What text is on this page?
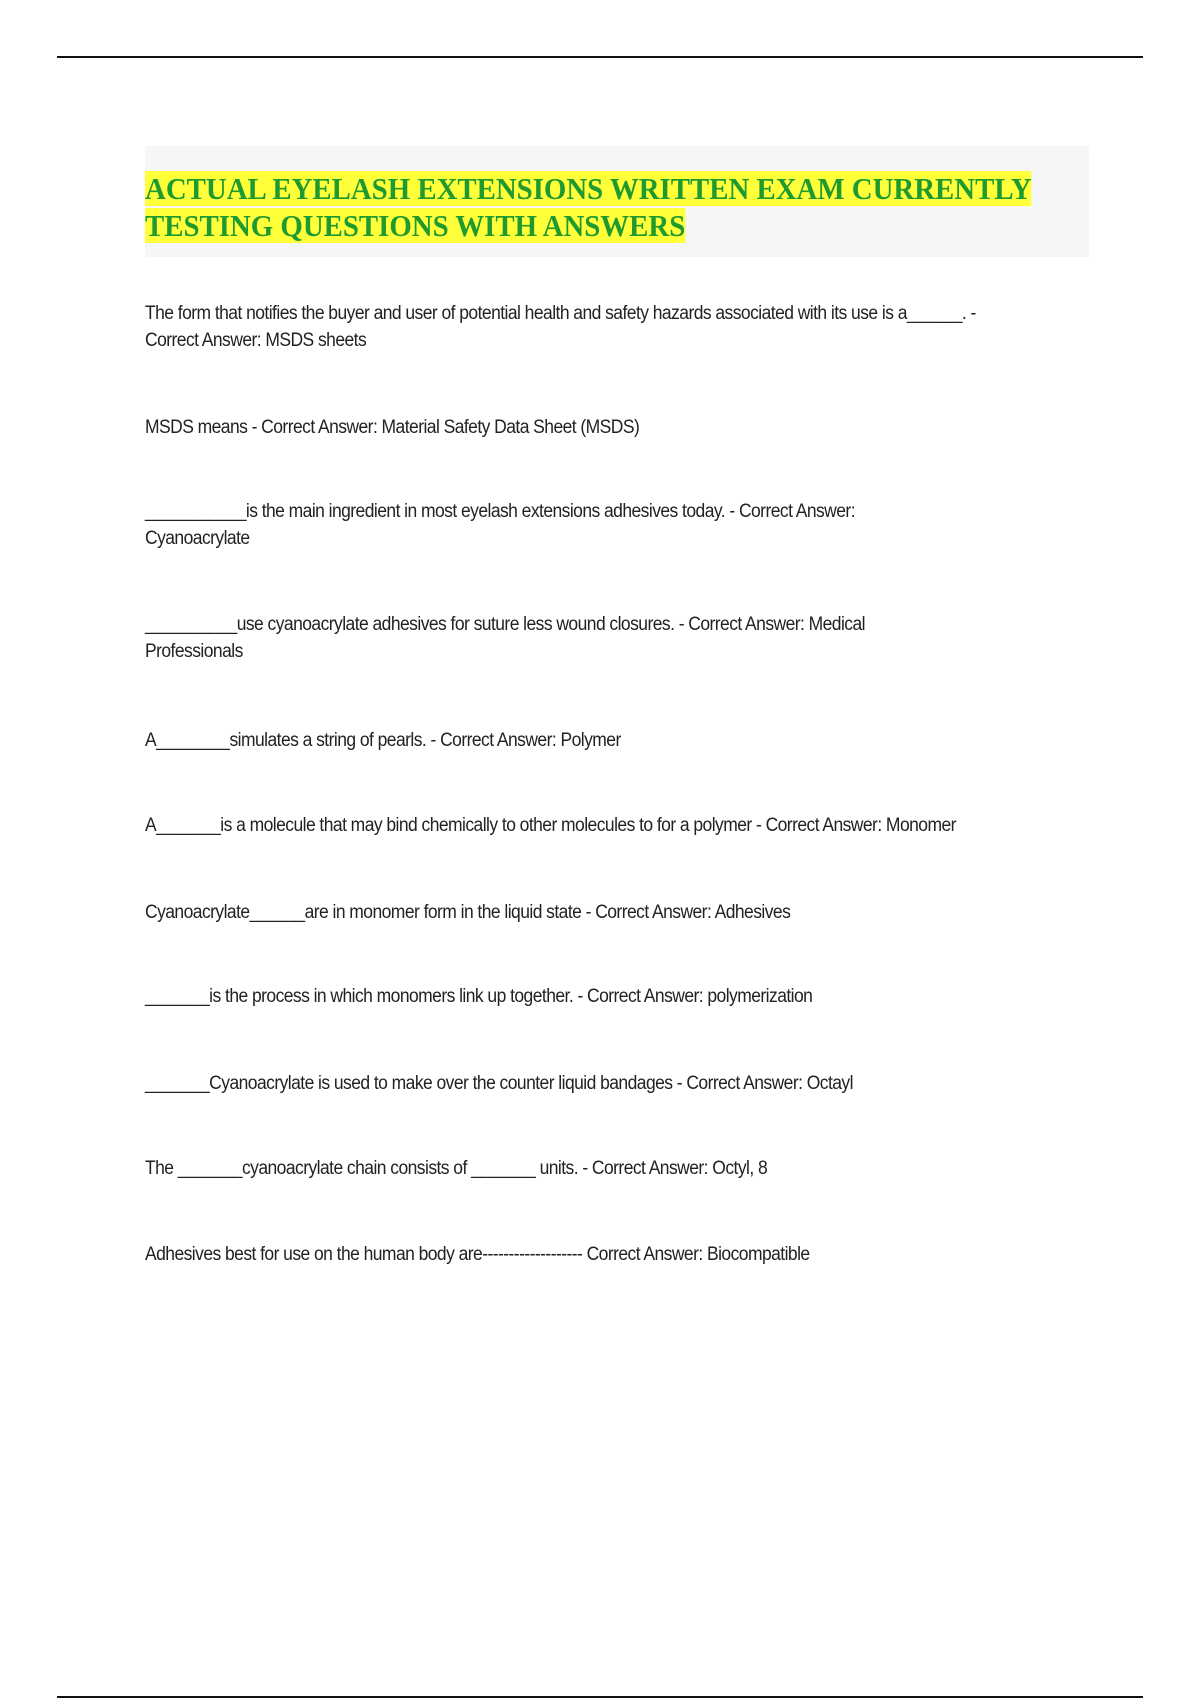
ACTUAL EYELASH EXTENSIONS WRITTEN EXAM CURRENTLY
TESTING QUESTIONS WITH ANSWERS

The form that notifies the buyer and user of potential health and safety hazards associated with its use is a______. - Correct Answer: MSDS sheets

MSDS means - Correct Answer: Material Safety Data Sheet (MSDS)

___________is the main ingredient in most eyelash extensions adhesives today. - Correct Answer: Cyanoacrylate

__________use cyanoacrylate adhesives for suture less wound closures. - Correct Answer: Medical Professionals

A________simulates a string of pearls. - Correct Answer: Polymer

A_______is a molecule that may bind chemically to other molecules to for a polymer - Correct Answer: Monomer

Cyanoacrylate______are in monomer form in the liquid state - Correct Answer: Adhesives

_______is the process in which monomers link up together. - Correct Answer: polymerization

_______Cyanoacrylate is used to make over the counter liquid bandages - Correct Answer: Octayl

The _______cyanoacrylate chain consists of _______ units. - Correct Answer: Octyl, 8

Adhesives best for use on the human body are------------------- Correct Answer: Biocompatible
